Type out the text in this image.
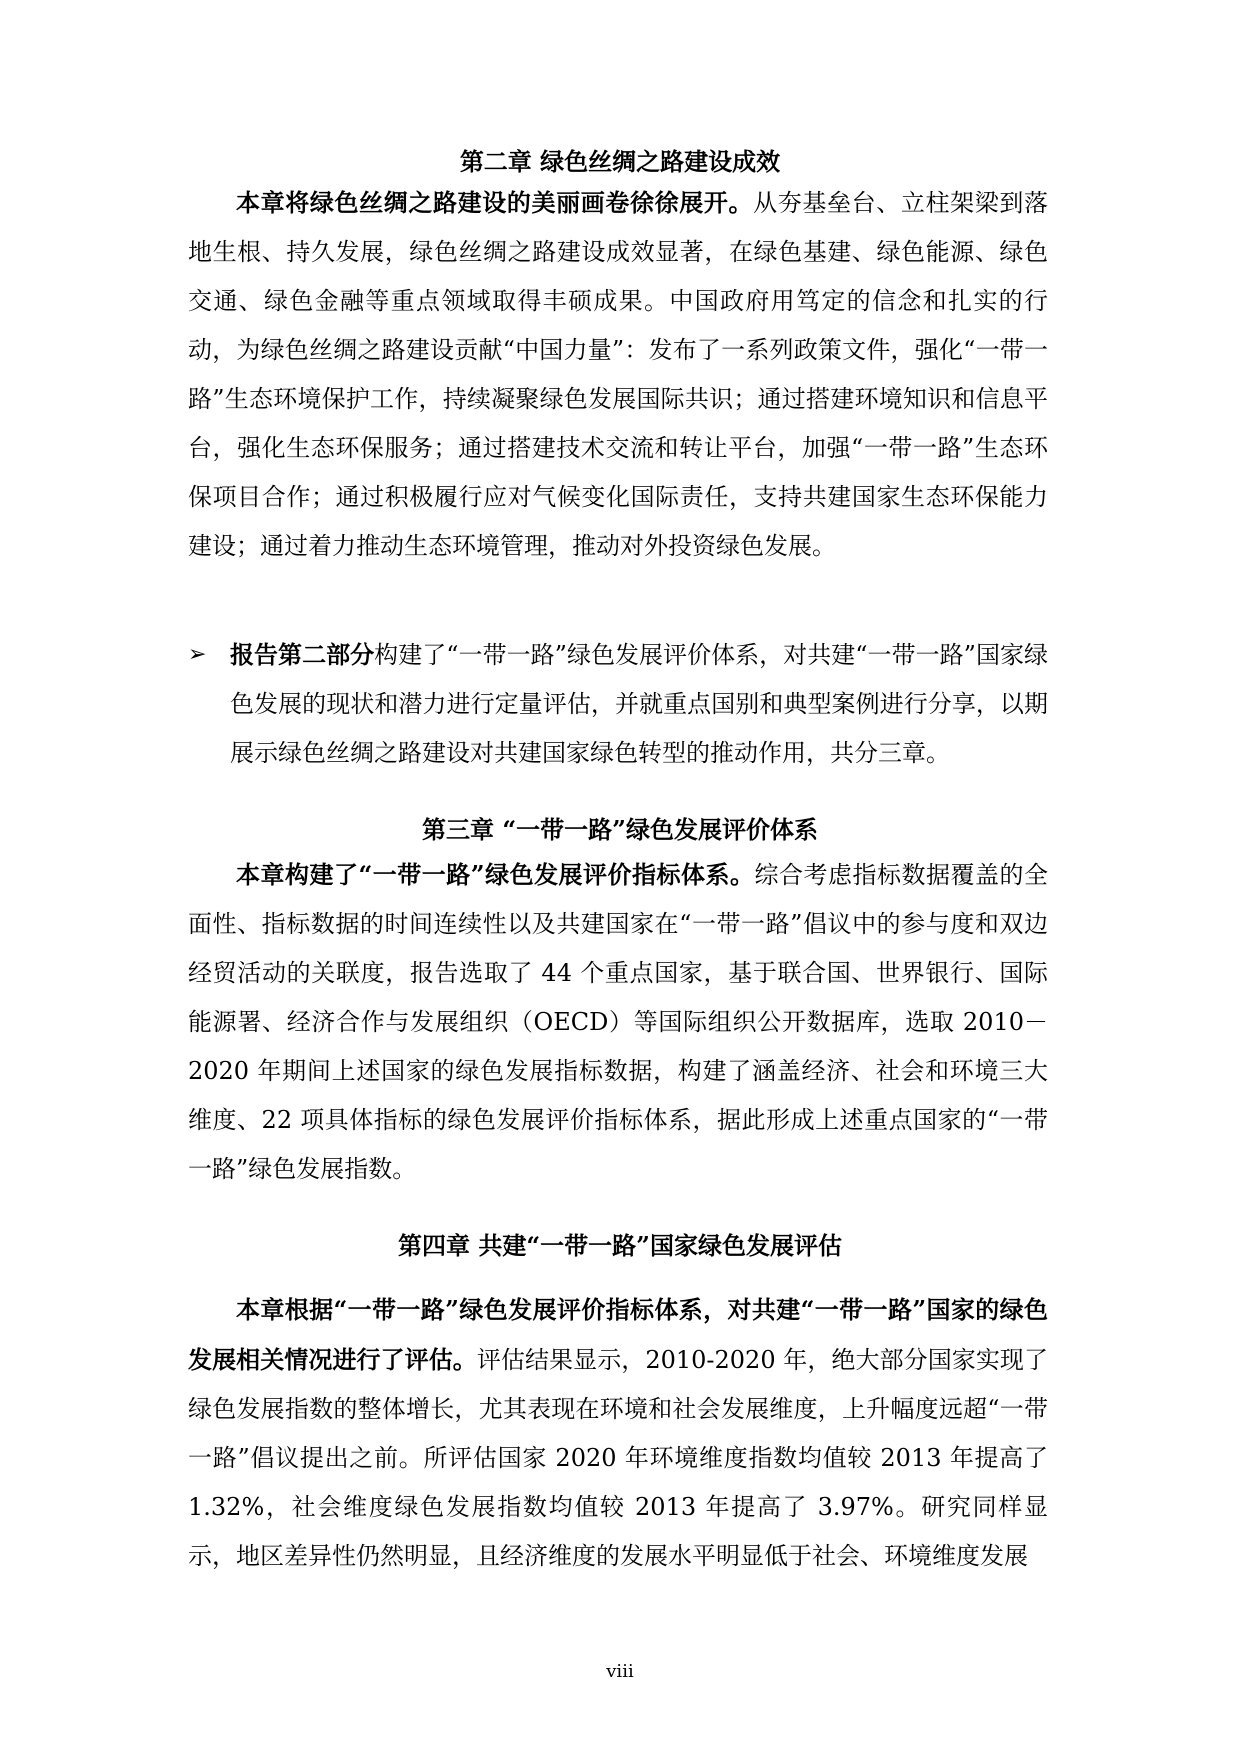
第二章 绿色丝绸之路建设成效

本章将绿色丝绸之路建设的美丽画卷徐徐展开。从夯基垒台、立柱架梁到落地生根、持久发展，绿色丝绸之路建设成效显著，在绿色基建、绿色能源、绿色交通、绿色金融等重点领域取得丰硕成果。中国政府用笃定的信念和扎实的行动，为绿色丝绸之路建设贡献“中国力量”：发布了一系列政策文件，强化“一带一路”生态环境保护工作，持续凝聚绿色发展国际共识；通过搭建环境知识和信息平台，强化生态环保服务；通过搭建技术交流和转让平台，加强“一带一路”生态环保项目合作；通过积极履行应对气候变化国际责任，支持共建国家生态环保能力建设；通过着力推动生态环境管理，推动对外投资绿色发展。

➢ 报告第二部分构建了“一带一路”绿色发展评价体系，对共建“一带一路”国家绿色发展的现状和潜力进行定量评估，并就重点国别和典型案例进行分享，以期展示绿色丝绸之路建设对共建国家绿色转型的推动作用，共分三章。

第三章 “一带一路”绿色发展评价体系

本章构建了“一带一路”绿色发展评价指标体系。综合考虑指标数据覆盖的全面性、指标数据的时间连续性以及共建国家在“一带一路”倡议中的参与度和双边经贸活动的关联度，报告选取了 44 个重点国家，基于联合国、世界银行、国际能源署、经济合作与发展组织（OECD）等国际组织公开数据库，选取 2010－2020 年期间上述国家的绿色发展指标数据，构建了涵盖经济、社会和环境三大维度、22 项具体指标的绿色发展评价指标体系，据此形成上述重点国家的“一带一路”绿色发展指数。

第四章 共建“一带一路”国家绿色发展评估

本章根据“一带一路”绿色发展评价指标体系，对共建“一带一路”国家的绿色发展相关情况进行了评估。评估结果显示，2010-2020 年，绝大部分国家实现了绿色发展指数的整体增长，尤其表现在环境和社会发展维度，上升幅度远超“一带一路”倡议提出之前。所评估国家 2020 年环境维度指数均值较 2013 年提高了 1.32%，社会维度绿色发展指数均值较 2013 年提高了 3.97%。研究同样显示，地区差异性仍然明显，且经济维度的发展水平明显低于社会、环境维度发展

viii
